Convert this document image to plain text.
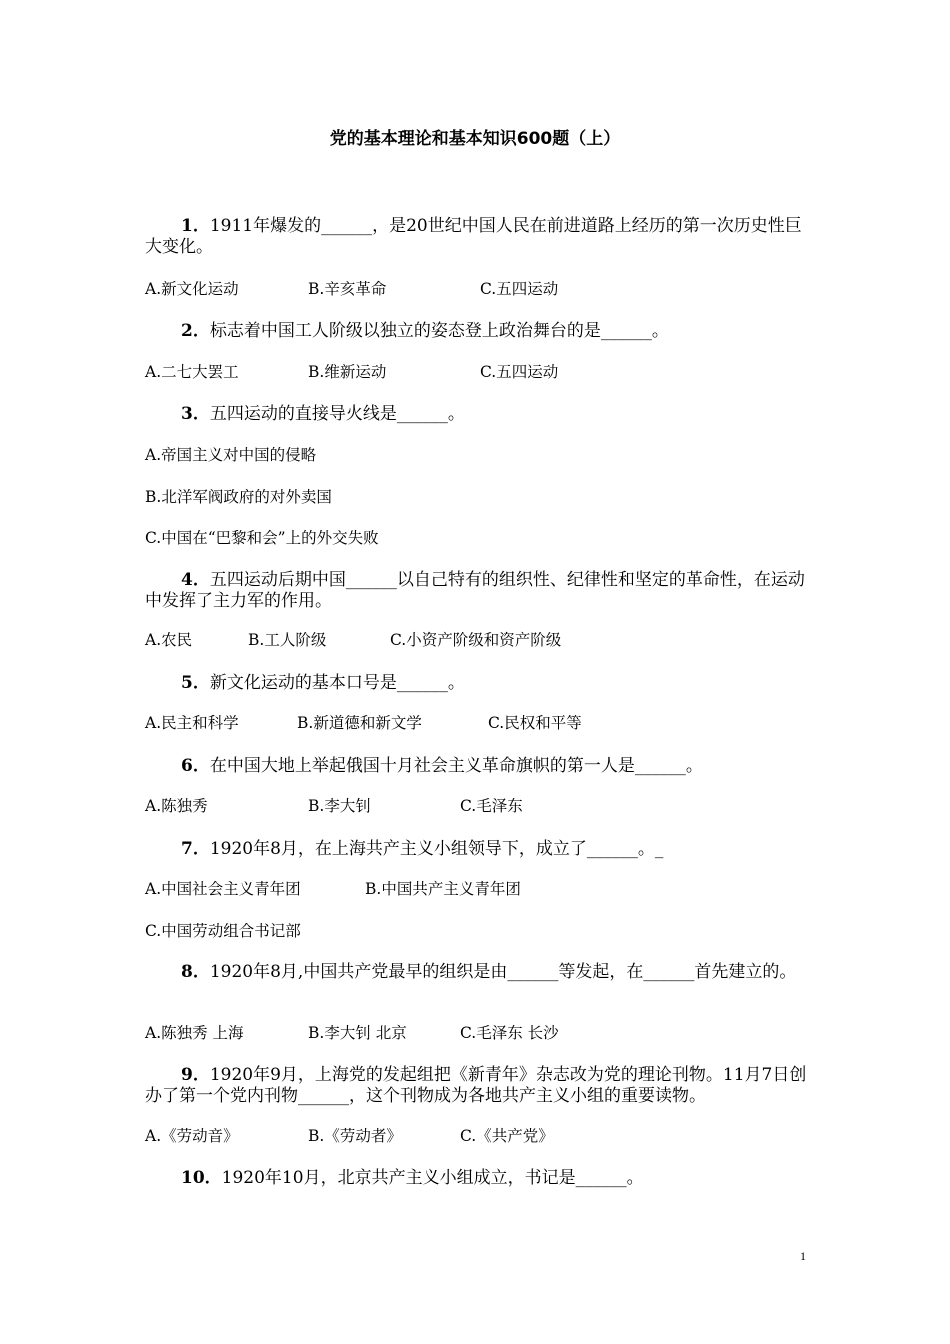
党的基本理论和基本知识600题（上）
1．1911年爆发的______，是20世纪中国人民在前进道路上经历的第一次历史性巨大变化。
A.新文化运动	B.辛亥革命	C.五四运动
2．标志着中国工人阶级以独立的姿态登上政治舞台的是______。
A.二七大罢工	B.维新运动	C.五四运动
3．五四运动的直接导火线是______。
A.帝国主义对中国的侵略
B.北洋军阀政府的对外卖国
C.中国在“巴黎和会”上的外交失败
4．五四运动后期中国______以自己特有的组织性、纪律性和坚定的革命性，在运动中发挥了主力军的作用。
A.农民	B.工人阶级	C.小资产阶级和资产阶级
5．新文化运动的基本口号是______。
A.民主和科学	B.新道德和新文学	C.民权和平等
6．在中国大地上举起俄国十月社会主义革命旗帜的第一人是______。
A.陈独秀	B.李大钊	C.毛泽东
7．1920年8月，在上海共产主义小组领导下，成立了______。_
A.中国社会主义青年团	B.中国共产主义青年团
C.中国劳动组合书记部
8．1920年8月,中国共产党最早的组织是由______等发起，在______首先建立的。
A.陈独秀 上海	B.李大钊 北京	C.毛泽东 长沙
9．1920年9月，上海党的发起组把《新青年》杂志改为党的理论刊物。11月7日创办了第一个党内刊物______，这个刊物成为各地共产主义小组的重要读物。
A.《劳动音》	B.《劳动者》	C.《共产党》
10．1920年10月，北京共产主义小组成立，书记是______。
1
